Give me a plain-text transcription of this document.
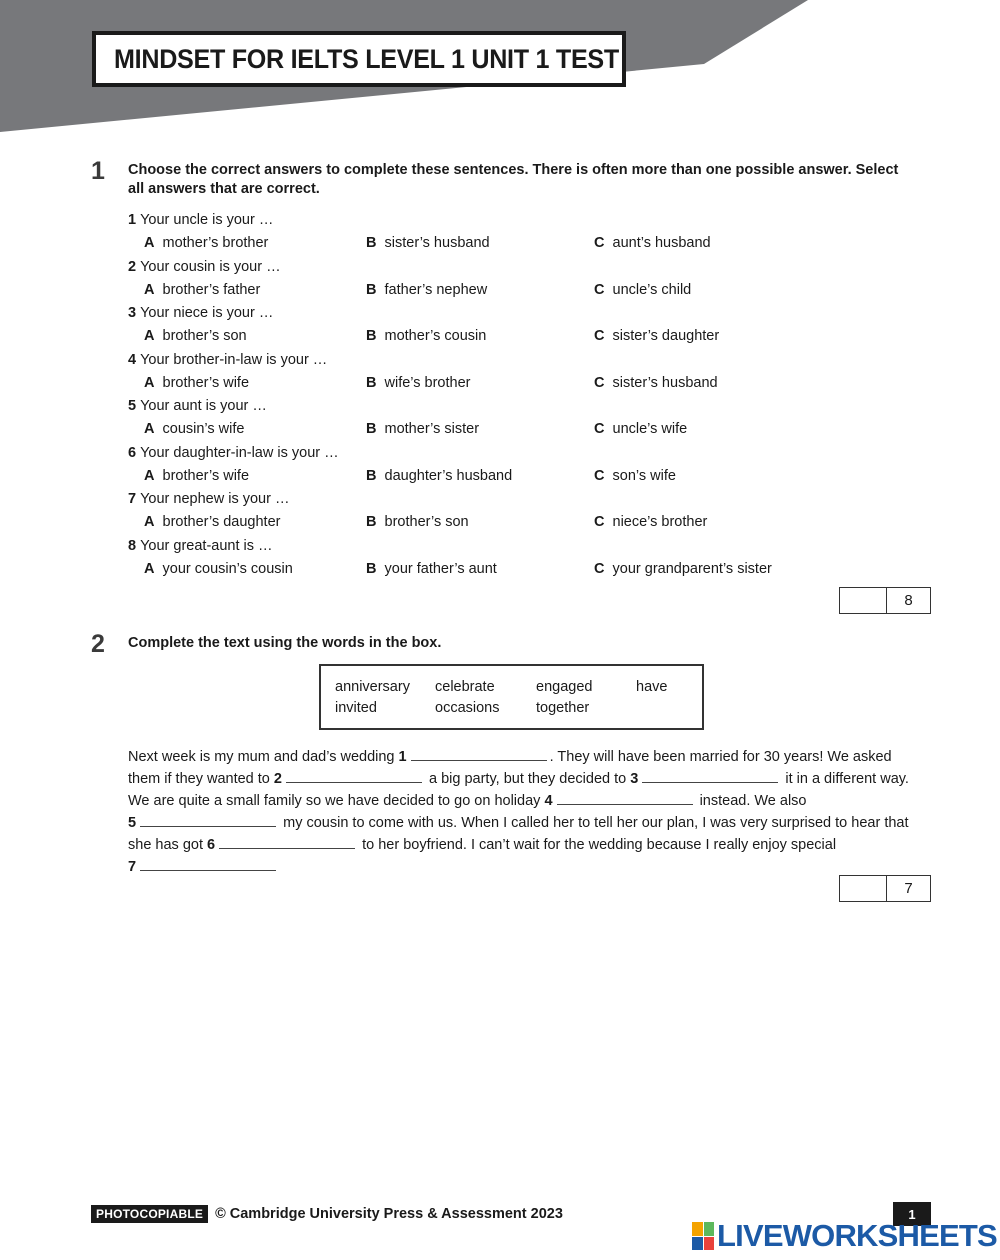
MINDSET FOR IELTS LEVEL 1 UNIT 1 TEST
1 Choose the correct answers to complete these sentences. There is often more than one possible answer. Select all answers that are correct.
1 Your uncle is your …
A mother’s brother	B sister’s husband	C aunt’s husband
2 Your cousin is your …
A brother’s father	B father’s nephew	C uncle’s child
3 Your niece is your …
A brother’s son	B mother’s cousin	C sister’s daughter
4 Your brother-in-law is your …
A brother’s wife	B wife’s brother	C sister’s husband
5 Your aunt is your …
A cousin’s wife	B mother’s sister	C uncle’s wife
6 Your daughter-in-law is your …
A brother’s wife	B daughter’s husband	C son’s wife
7 Your nephew is your …
A brother’s daughter	B brother’s son	C niece’s brother
8 Your great-aunt is …
A your cousin’s cousin	B your father’s aunt	C your grandparent’s sister
8
2 Complete the text using the words in the box.
anniversary celebrate	engaged	have
invited	occasions	together
Next week is my mum and dad’s wedding 1	. They will have been married for 30 years! We asked
them if they wanted to 2	a big party, but they decided to 3	it in a different way.
We are quite a small family so we have decided to go on holiday 4	instead. We also
5	my cousin to come with us. When I called her to tell her our plan, I was very surprised to hear that
she has got 6	to her boyfriend. I can’t wait for the wedding because I really enjoy special
7
7
PHOTOCOPIABLE © Cambridge University Press & Assessment 2023	1
LIVEWORKSHEETS
